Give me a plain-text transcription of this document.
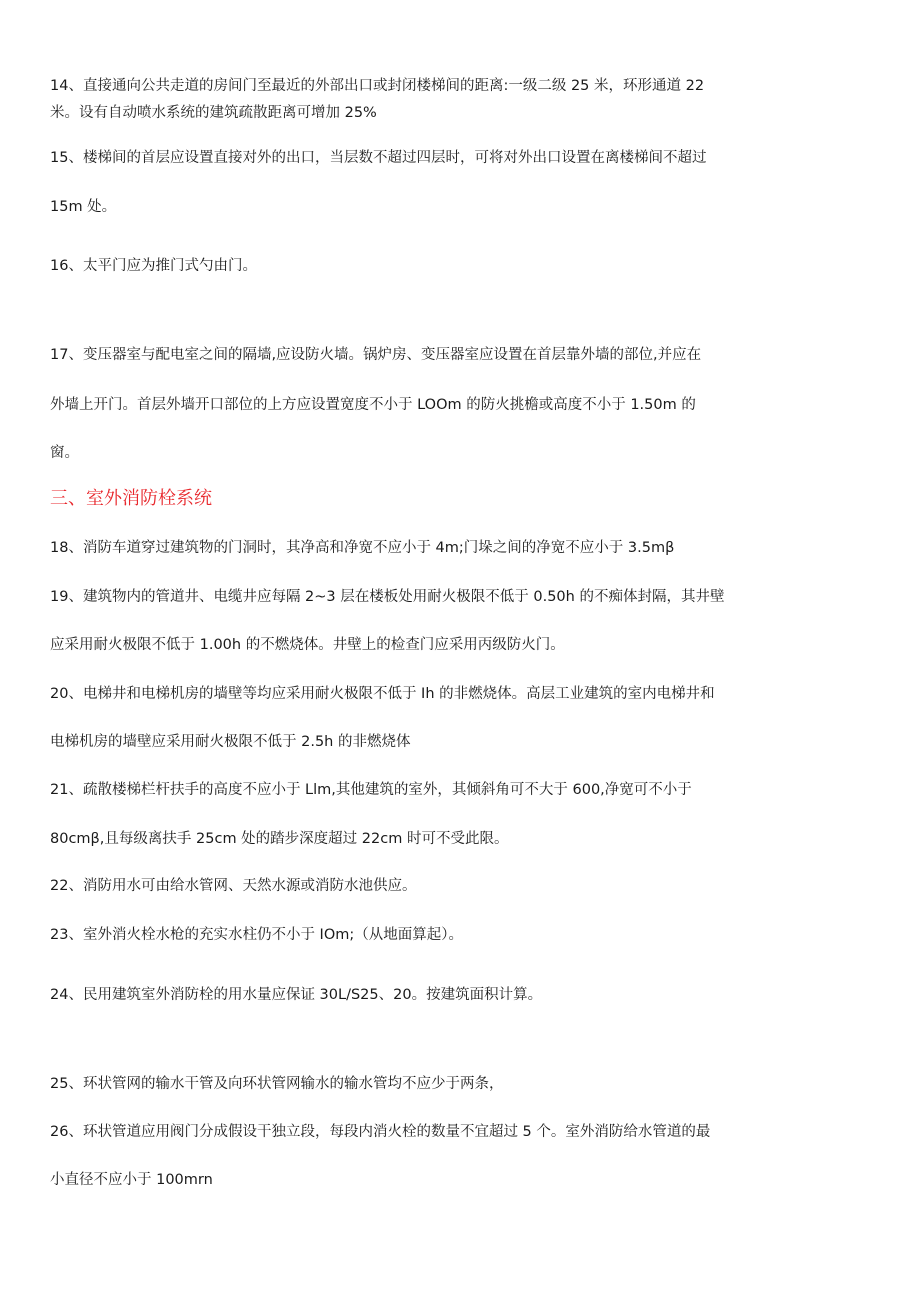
14、直接通向公共走道的房间门至最近的外部出口或封闭楼梯间的距离:一级二级 25 米，环形通道 22
米。设有自动喷水系统的建筑疏散距离可增加 25%
15、楼梯间的首层应设置直接对外的出口，当层数不超过四层时，可将对外出口设置在离楼梯间不超过
15m 处。
16、太平门应为推门式勺由门。
17、变压器室与配电室之间的隔墙,应设防火墙。锅炉房、变压器室应设置在首层靠外墙的部位,并应在
外墙上开门。首层外墙开口部位的上方应设置宽度不小于 LOOm 的防火挑檐或高度不小于 1.50m 的
窗。
三、室外消防栓系统
18、消防车道穿过建筑物的门洞时，其净高和净宽不应小于 4m;门垛之间的净宽不应小于 3.5mβ
19、建筑物内的管道井、电缆井应每隔 2~3 层在楼板处用耐火极限不低于 0.50h 的不痴体封隔，其井壁
应采用耐火极限不低于 1.00h 的不燃烧体。井壁上的检查门应采用丙级防火门。
20、电梯井和电梯机房的墙壁等均应采用耐火极限不低于 Ih 的非燃烧体。高层工业建筑的室内电梯井和
电梯机房的墙壁应采用耐火极限不低于 2.5h 的非燃烧体
21、疏散楼梯栏杆扶手的高度不应小于 Llm,其他建筑的室外，其倾斜角可不大于 600,净宽可不小于
80cmβ,且每级离扶手 25cm 处的踏步深度超过 22cm 时可不受此限。
22、消防用水可由给水管网、天然水源或消防水池供应。
23、室外消火栓水枪的充实水柱仍不小于 IOm;（从地面算起）。
24、民用建筑室外消防栓的用水量应保证 30L/S25、20。按建筑面积计算。
25、环状管网的输水干管及向环状管网输水的输水管均不应少于两条，
26、环状管道应用阀门分成假设干独立段，每段内消火栓的数量不宜超过 5 个。室外消防给水管道的最
小直径不应小于 100mrn
